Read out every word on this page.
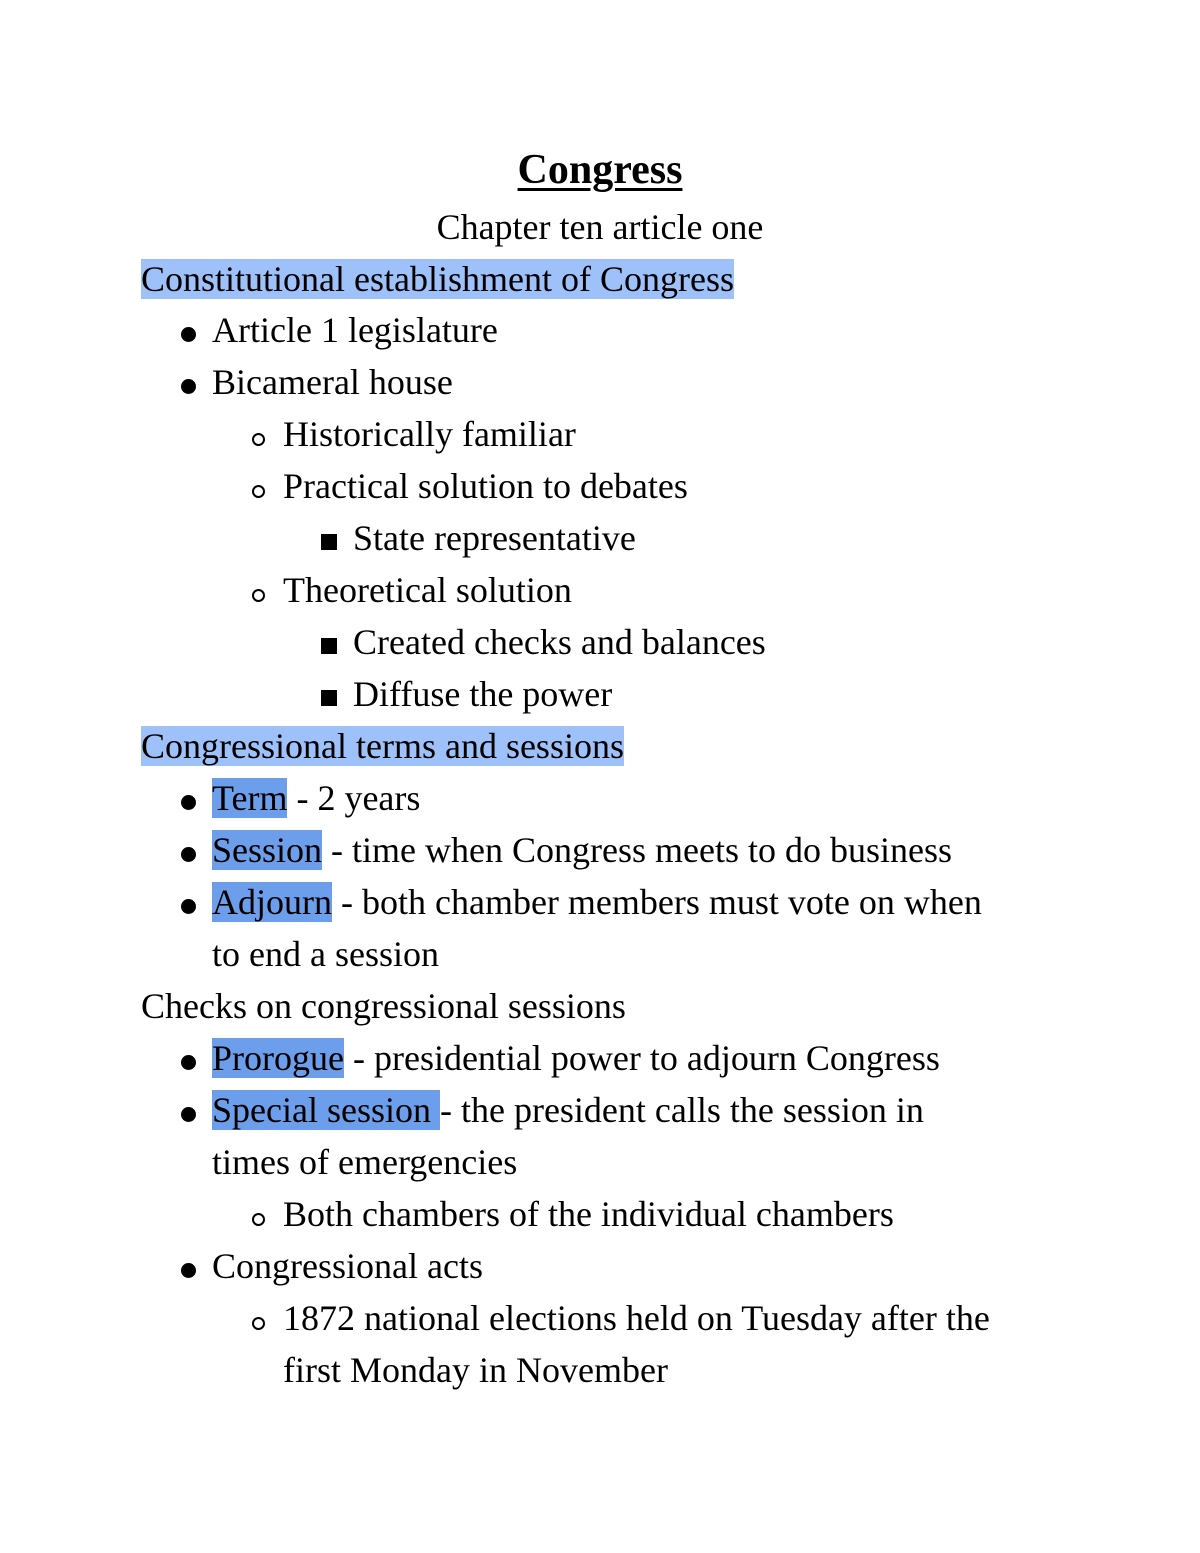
Congress
Chapter ten article one
Constitutional establishment of Congress
Article 1 legislature
Bicameral house
Historically familiar
Practical solution to debates
State representative
Theoretical solution
Created checks and balances
Diffuse the power
Congressional terms and sessions
Term - 2 years
Session - time when Congress meets to do business
Adjourn - both chamber members must vote on when
to end a session
Checks on congressional sessions
Prorogue - presidential power to adjourn Congress
Special session - the president calls the session in
times of emergencies
Both chambers of the individual chambers
Congressional acts
1872 national elections held on Tuesday after the
first Monday in November
